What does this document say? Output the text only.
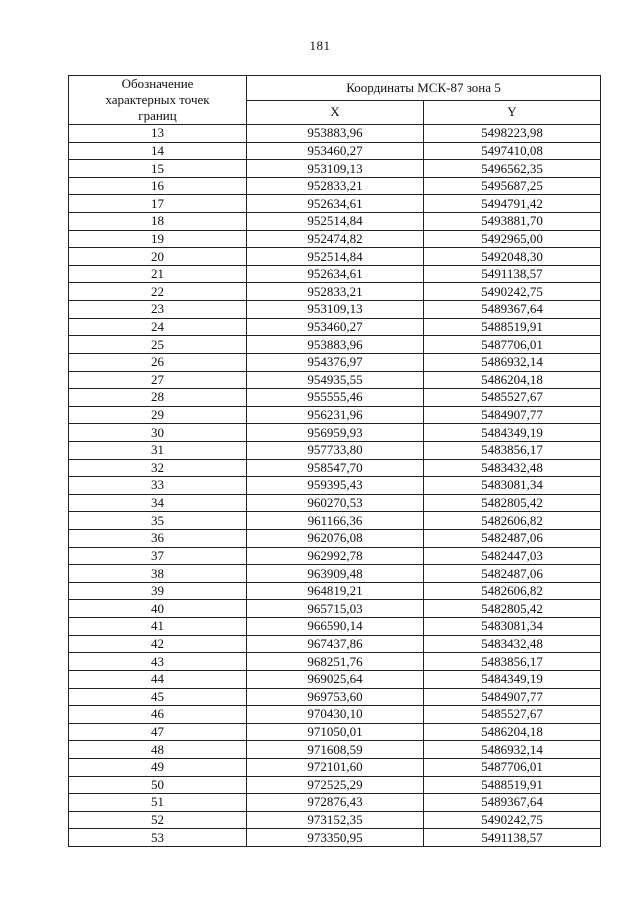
181
Обозначение
характерных точек
границ	Координаты МСК-87 зона 5	
	X	Y
13	953883,96	5498223,98
14	953460,27	5497410,08
15	953109,13	5496562,35
16	952833,21	5495687,25
17	952634,61	5494791,42
18	952514,84	5493881,70
19	952474,82	5492965,00
20	952514,84	5492048,30
21	952634,61	5491138,57
22	952833,21	5490242,75
23	953109,13	5489367,64
24	953460,27	5488519,91
25	953883,96	5487706,01
26	954376,97	5486932,14
27	954935,55	5486204,18
28	955555,46	5485527,67
29	956231,96	5484907,77
30	956959,93	5484349,19
31	957733,80	5483856,17
32	958547,70	5483432,48
33	959395,43	5483081,34
34	960270,53	5482805,42
35	961166,36	5482606,82
36	962076,08	5482487,06
37	962992,78	5482447,03
38	963909,48	5482487,06
39	964819,21	5482606,82
40	965715,03	5482805,42
41	966590,14	5483081,34
42	967437,86	5483432,48
43	968251,76	5483856,17
44	969025,64	5484349,19
45	969753,60	5484907,77
46	970430,10	5485527,67
47	971050,01	5486204,18
48	971608,59	5486932,14
49	972101,60	5487706,01
50	972525,29	5488519,91
51	972876,43	5489367,64
52	973152,35	5490242,75
53	973350,95	5491138,57
